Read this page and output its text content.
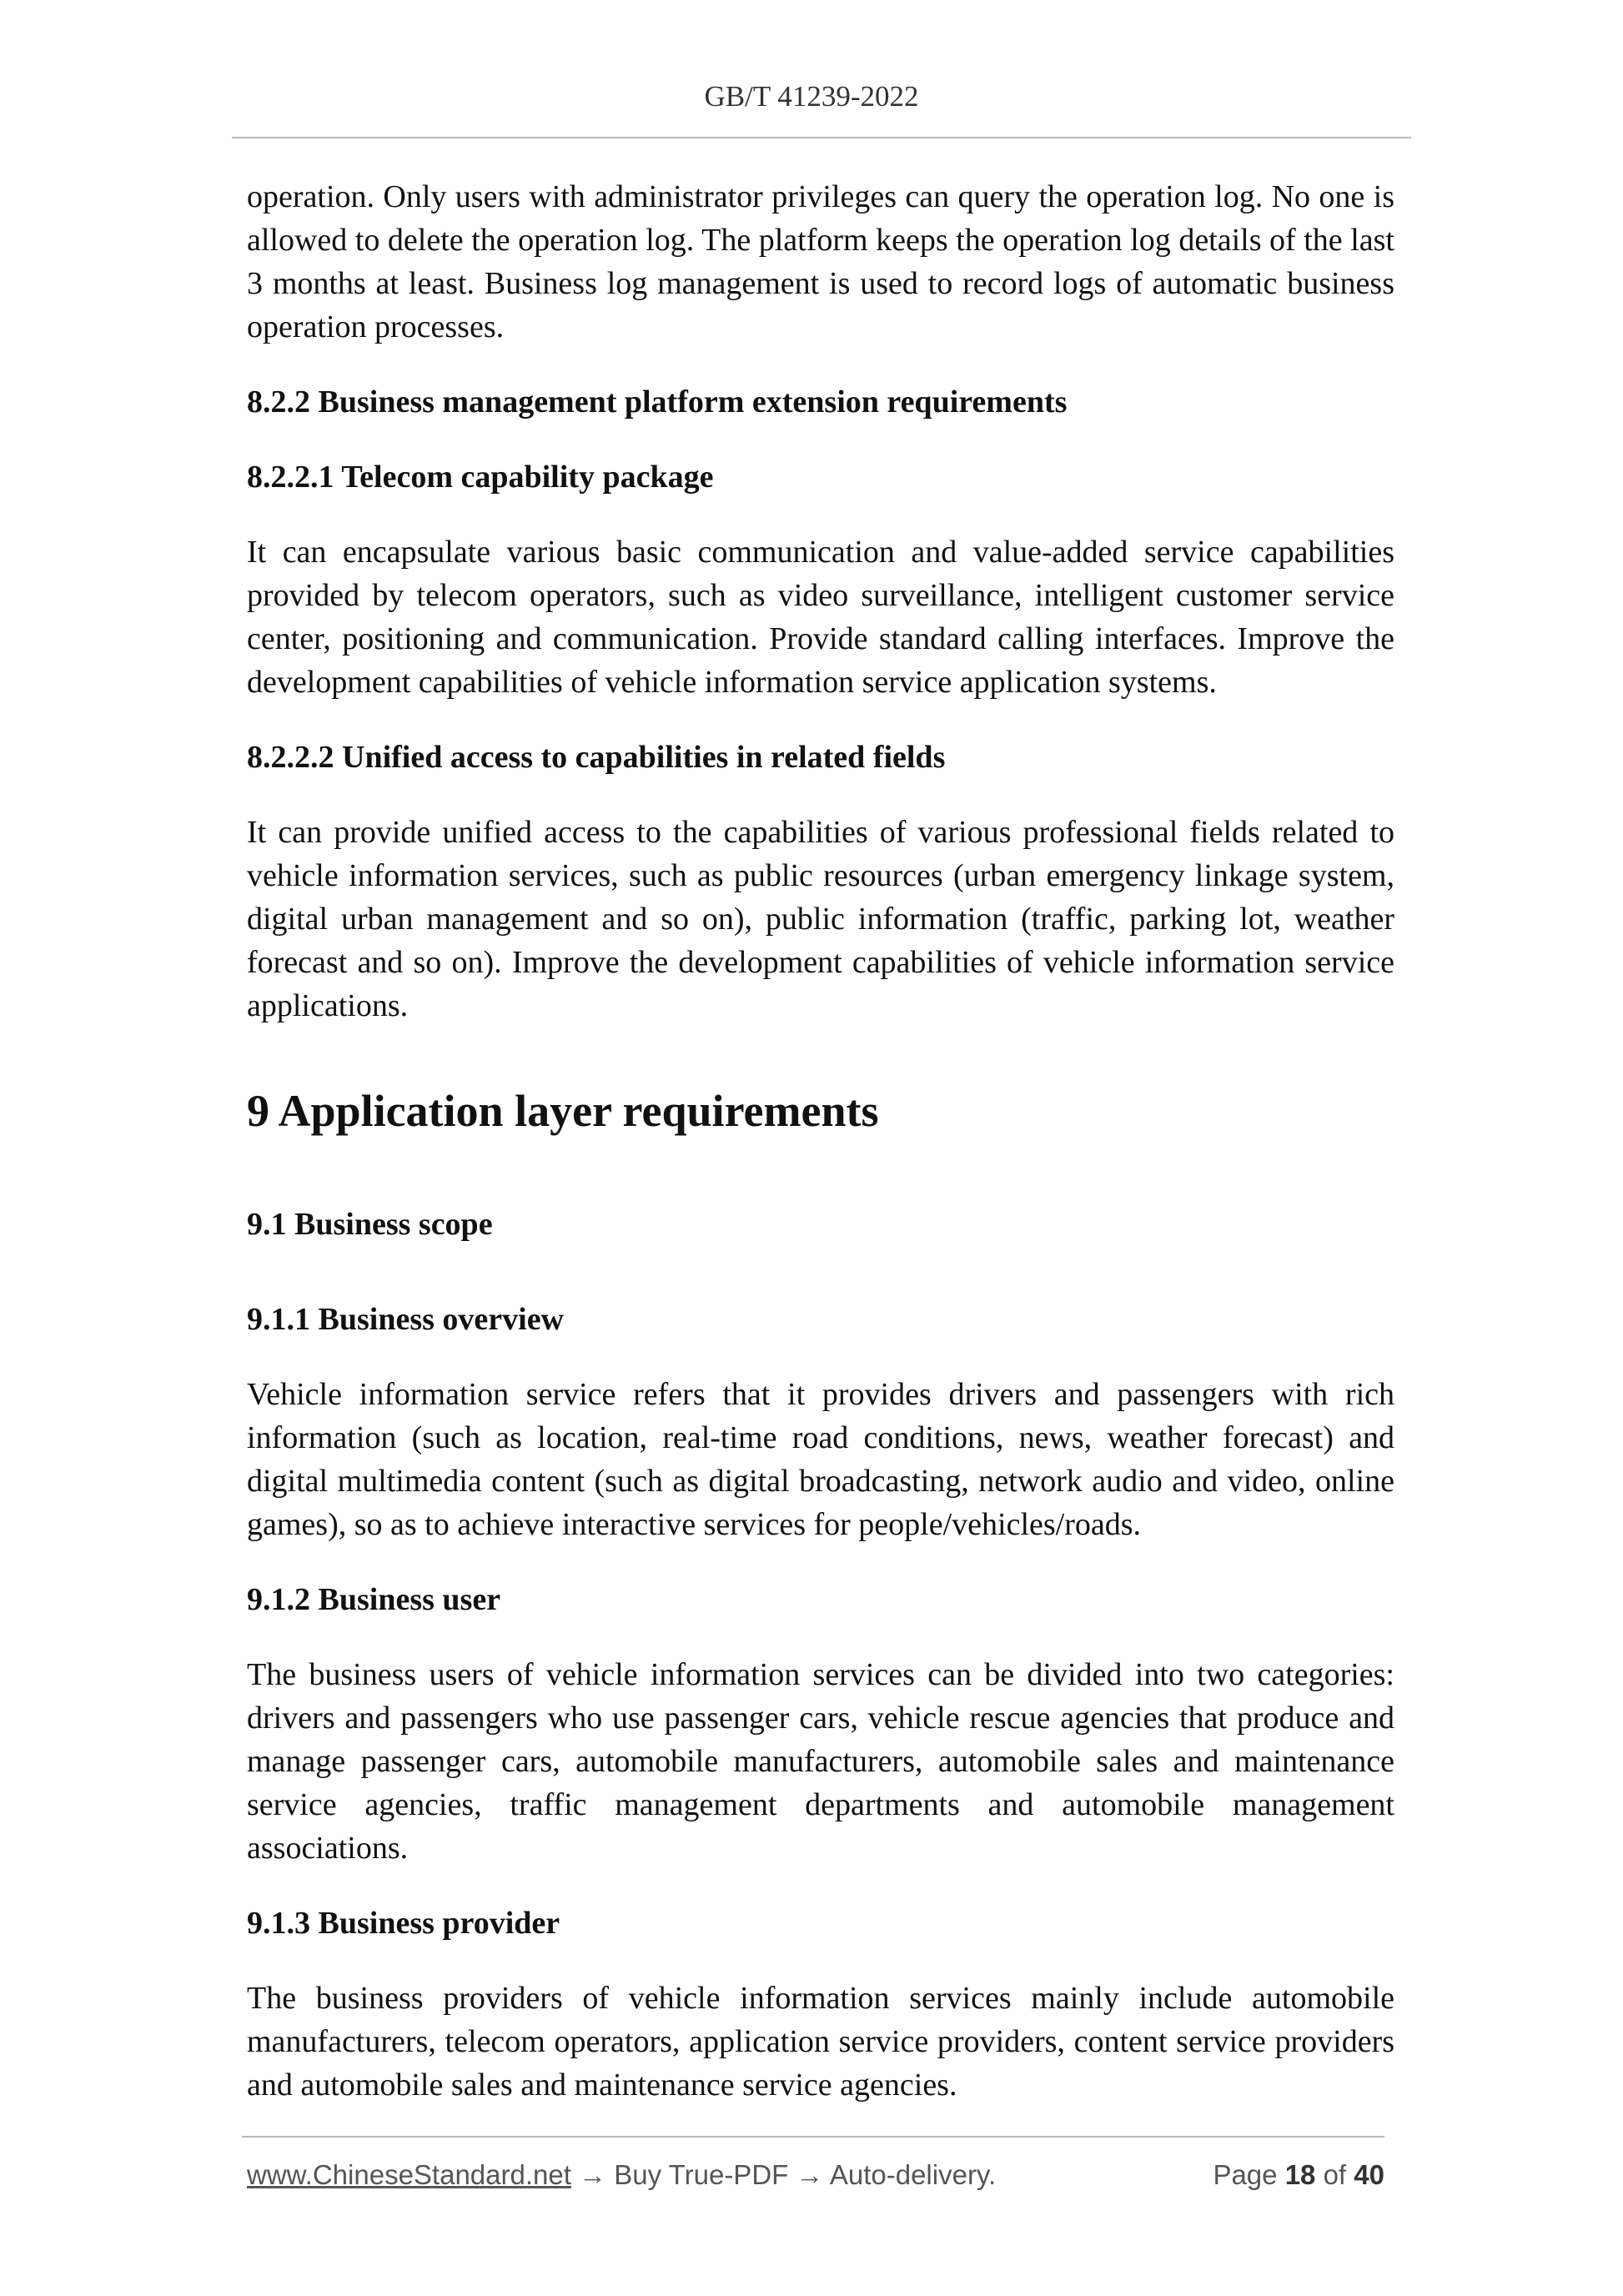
GB/T 41239-2022

operation. Only users with administrator privileges can query the operation log. No one is allowed to delete the operation log. The platform keeps the operation log details of the last 3 months at least. Business log management is used to record logs of automatic business operation processes.

8.2.2 Business management platform extension requirements
8.2.2.1 Telecom capability package

It can encapsulate various basic communication and value-added service capabilities provided by telecom operators, such as video surveillance, intelligent customer service center, positioning and communication. Provide standard calling interfaces. Improve the development capabilities of vehicle information service application systems.

8.2.2.2 Unified access to capabilities in related fields

It can provide unified access to the capabilities of various professional fields related to vehicle information services, such as public resources (urban emergency linkage system, digital urban management and so on), public information (traffic, parking lot, weather forecast and so on). Improve the development capabilities of vehicle information service applications.

9 Application layer requirements
9.1 Business scope
9.1.1 Business overview

Vehicle information service refers that it provides drivers and passengers with rich information (such as location, real-time road conditions, news, weather forecast) and digital multimedia content (such as digital broadcasting, network audio and video, online games), so as to achieve interactive services for people/vehicles/roads.

9.1.2 Business user

The business users of vehicle information services can be divided into two categories: drivers and passengers who use passenger cars, vehicle rescue agencies that produce and manage passenger cars, automobile manufacturers, automobile sales and maintenance service agencies, traffic management departments and automobile management associations.

9.1.3 Business provider

The business providers of vehicle information services mainly include automobile manufacturers, telecom operators, application service providers, content service providers and automobile sales and maintenance service agencies.

www.ChineseStandard.net → Buy True-PDF → Auto-delivery.	Page 18 of 40
